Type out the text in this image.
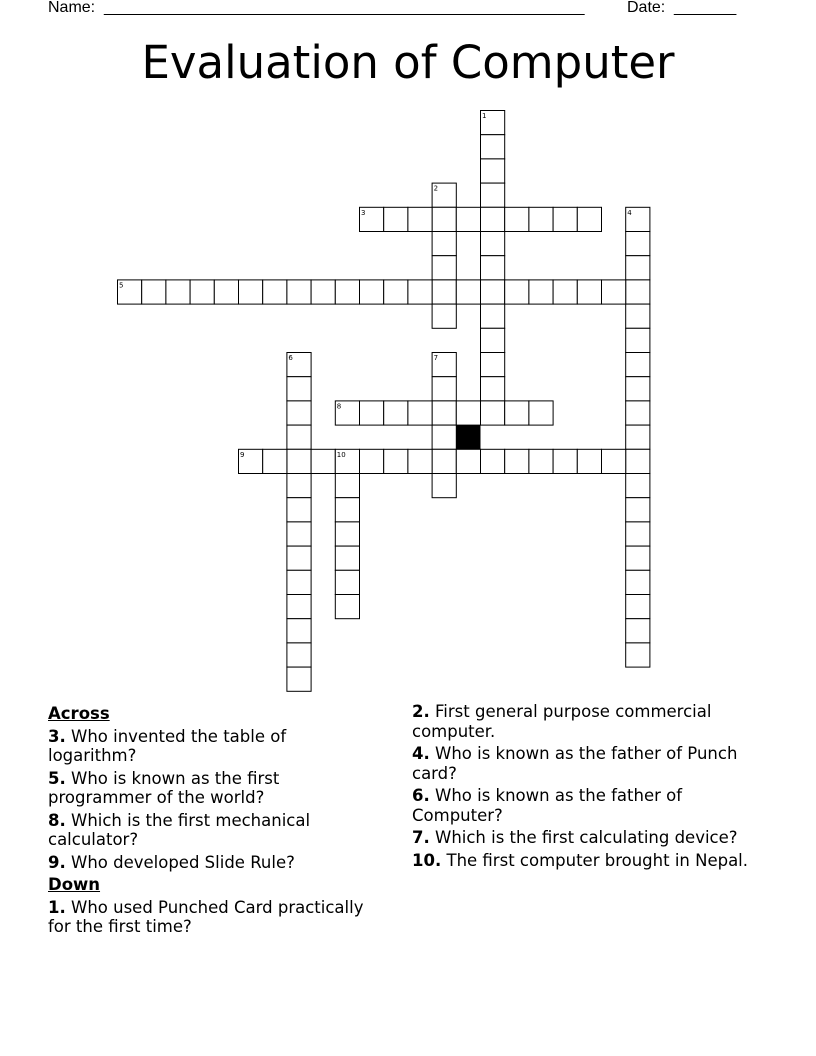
Name: ______________________________________________________	Date: _______
Evaluation of Computer
1
2
3	4
5
6	7
8
9	10
Across
3. Who invented the table of logarithm?
5. Who is known as the first programmer of the world?
8. Which is the first mechanical calculator?
9. Who developed Slide Rule?
Down
1. Who used Punched Card practically for the first time?
2. First general purpose commercial computer.
4. Who is known as the father of Punch card?
6. Who is known as the father of Computer?
7. Which is the first calculating device?
10. The first computer brought in Nepal.
